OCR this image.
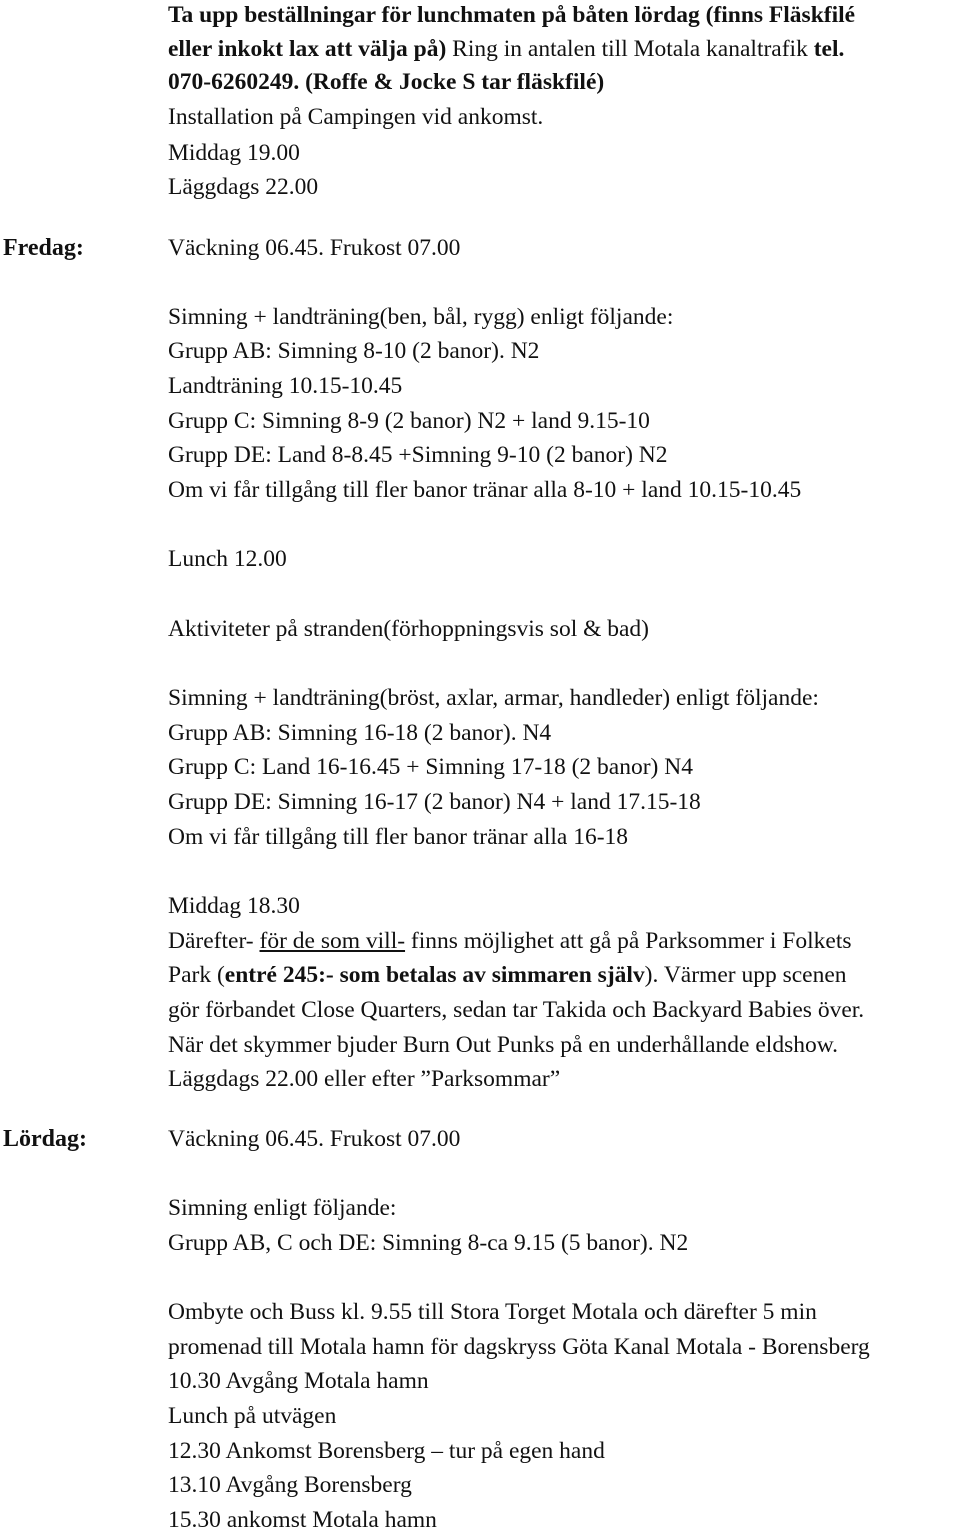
Ta upp beställningar för lunchmaten på båten lördag (finns Fläskfilé
eller inkokt lax att välja på) Ring in antalen till Motala kanaltrafik tel.
070-6260249. (Roffe & Jocke S tar fläskfilé)
Installation på Campingen vid ankomst.
Middag 19.00
Läggdags 22.00
Fredag:	Väckning 06.45. Frukost 07.00
Simning + landträning(ben, bål, rygg) enligt följande:
Grupp AB: Simning 8-10 (2 banor). N2
Landträning 10.15-10.45
Grupp C: Simning 8-9 (2 banor) N2 + land 9.15-10
Grupp DE: Land 8-8.45 +Simning 9-10 (2 banor) N2
Om vi får tillgång till fler banor tränar alla 8-10 + land 10.15-10.45
Lunch 12.00
Aktiviteter på stranden(förhoppningsvis sol & bad)
Simning + landträning(bröst, axlar, armar, handleder) enligt följande:
Grupp AB: Simning 16-18 (2 banor). N4
Grupp C: Land 16-16.45 + Simning 17-18 (2 banor) N4
Grupp DE: Simning 16-17 (2 banor) N4 + land 17.15-18
Om vi får tillgång till fler banor tränar alla 16-18
Middag 18.30
Därefter- för de som vill- finns möjlighet att gå på Parksommer i Folkets
Park (entré 245:- som betalas av simmaren själv). Värmer upp scenen
gör förbandet Close Quarters, sedan tar Takida och Backyard Babies över.
När det skymmer bjuder Burn Out Punks på en underhållande eldshow.
Läggdags 22.00 eller efter ”Parksommar”
Lördag:	Väckning 06.45. Frukost 07.00
Simning enligt följande:
Grupp AB, C och DE: Simning 8-ca 9.15 (5 banor). N2
Ombyte och Buss kl. 9.55 till Stora Torget Motala och därefter 5 min
promenad till Motala hamn för dagskryss Göta Kanal Motala - Borensberg
10.30 Avgång Motala hamn
Lunch på utvägen
12.30 Ankomst Borensberg – tur på egen hand
13.10 Avgång Borensberg
15.30 ankomst Motala hamn
